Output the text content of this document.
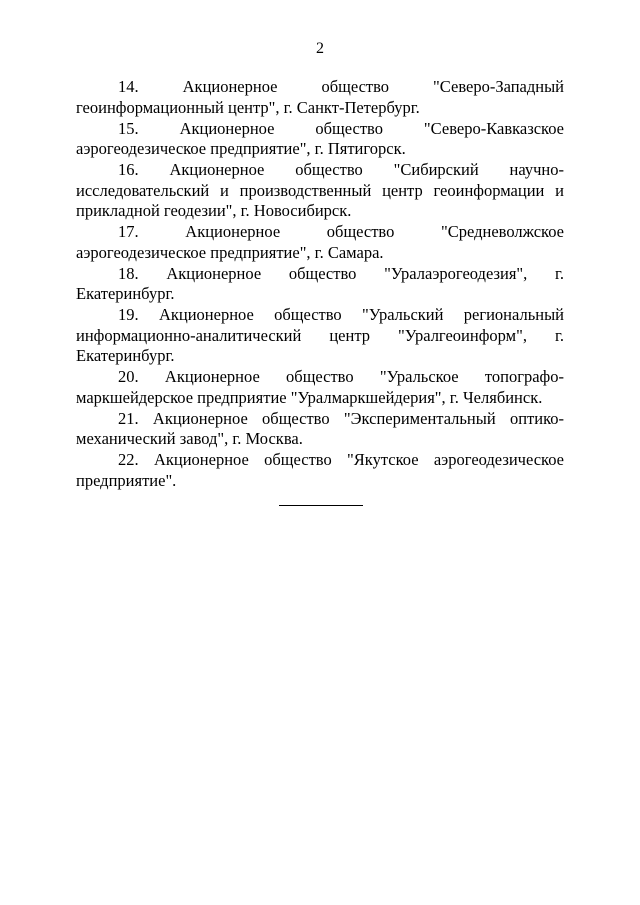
2

14. Акционерное общество "Северо-Западный геоинформационный центр", г. Санкт-Петербург.

15. Акционерное общество "Северо-Кавказское аэрогеодезическое предприятие", г. Пятигорск.

16. Акционерное общество "Сибирский научно-исследовательский и производственный центр геоинформации и прикладной геодезии", г. Новосибирск.

17. Акционерное общество "Средневолжское аэрогеодезическое предприятие", г. Самара.

18. Акционерное общество "Уралаэрогеодезия", г. Екатеринбург.

19. Акционерное общество "Уральский региональный информационно-аналитический центр "Уралгеоинформ", г. Екатеринбург.

20. Акционерное общество "Уральское топографо-маркшейдерское предприятие "Уралмаркшейдерия", г. Челябинск.

21. Акционерное общество "Экспериментальный оптико-механический завод", г. Москва.

22. Акционерное общество "Якутское аэрогеодезическое предприятие".
